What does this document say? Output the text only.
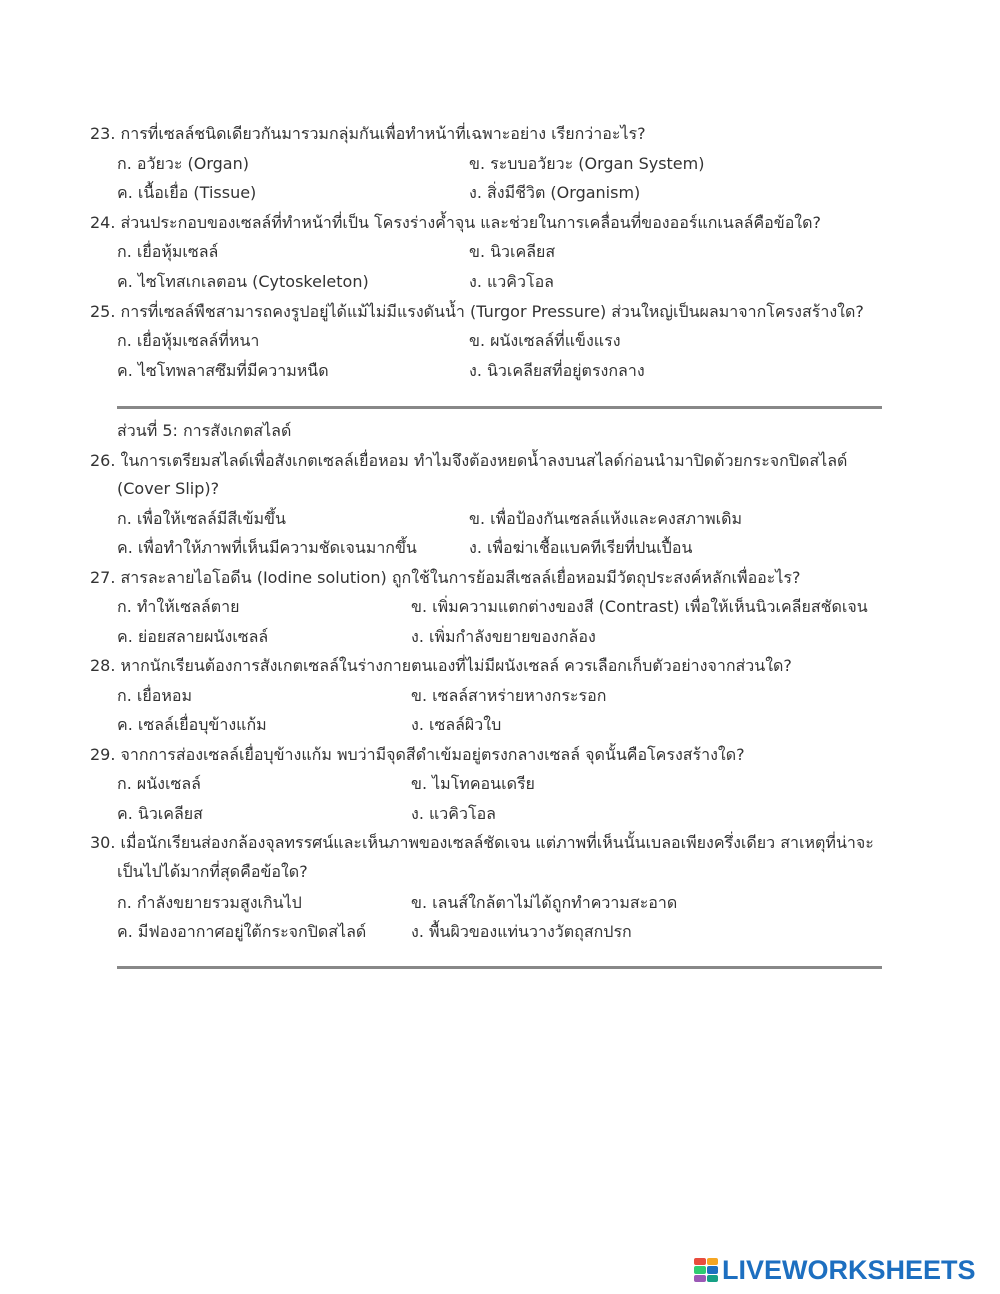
23. การที่เซลล์ชนิดเดียวกันมารวมกลุ่มกันเพื่อทำหน้าที่เฉพาะอย่าง เรียกว่าอะไร?
ก. อวัยวะ (Organ)	ข. ระบบอวัยวะ (Organ System)
ค. เนื้อเยื่อ (Tissue)	ง. สิ่งมีชีวิต (Organism)
24. ส่วนประกอบของเซลล์ที่ทำหน้าที่เป็น โครงร่างค้ำจุน และช่วยในการเคลื่อนที่ของออร์แกเนลล์คือข้อใด?
ก. เยื่อหุ้มเซลล์	ข. นิวเคลียส
ค. ไซโทสเกเลตอน (Cytoskeleton)	ง. แวคิวโอล
25. การที่เซลล์พืชสามารถคงรูปอยู่ได้แม้ไม่มีแรงดันน้ำ (Turgor Pressure) ส่วนใหญ่เป็นผลมาจากโครงสร้างใด?
ก. เยื่อหุ้มเซลล์ที่หนา	ข. ผนังเซลล์ที่แข็งแรง
ค. ไซโทพลาสซึมที่มีความหนืด	ง. นิวเคลียสที่อยู่ตรงกลาง
ส่วนที่ 5: การสังเกตสไลด์
26. ในการเตรียมสไลด์เพื่อสังเกตเซลล์เยื่อหอม ทำไมจึงต้องหยดน้ำลงบนสไลด์ก่อนนำมาปิดด้วยกระจกปิดสไลด์
(Cover Slip)?
ก. เพื่อให้เซลล์มีสีเข้มขึ้น	ข. เพื่อป้องกันเซลล์แห้งและคงสภาพเดิม
ค. เพื่อทำให้ภาพที่เห็นมีความชัดเจนมากขึ้น	ง. เพื่อฆ่าเชื้อแบคทีเรียที่ปนเปื้อน
27. สารละลายไอโอดีน (Iodine solution) ถูกใช้ในการย้อมสีเซลล์เยื่อหอมมีวัตถุประสงค์หลักเพื่ออะไร?
ก. ทำให้เซลล์ตาย	ข. เพิ่มความแตกต่างของสี (Contrast) เพื่อให้เห็นนิวเคลียสชัดเจน
ค. ย่อยสลายผนังเซลล์	ง. เพิ่มกำลังขยายของกล้อง
28. หากนักเรียนต้องการสังเกตเซลล์ในร่างกายตนเองที่ไม่มีผนังเซลล์ ควรเลือกเก็บตัวอย่างจากส่วนใด?
ก. เยื่อหอม	ข. เซลล์สาหร่ายหางกระรอก
ค. เซลล์เยื่อบุข้างแก้ม	ง. เซลล์ผิวใบ
29. จากการส่องเซลล์เยื่อบุข้างแก้ม พบว่ามีจุดสีดำเข้มอยู่ตรงกลางเซลล์ จุดนั้นคือโครงสร้างใด?
ก. ผนังเซลล์	ข. ไมโทคอนเดรีย
ค. นิวเคลียส	ง. แวคิวโอล
30. เมื่อนักเรียนส่องกล้องจุลทรรศน์และเห็นภาพของเซลล์ชัดเจน แต่ภาพที่เห็นนั้นเบลอเพียงครึ่งเดียว สาเหตุที่น่าจะ
เป็นไปได้มากที่สุดคือข้อใด?
ก. กำลังขยายรวมสูงเกินไป	ข. เลนส์ใกล้ตาไม่ได้ถูกทำความสะอาด
ค. มีฟองอากาศอยู่ใต้กระจกปิดสไลด์	ง. พื้นผิวของแท่นวางวัตถุสกปรก
LIVEWORKSHEETS
